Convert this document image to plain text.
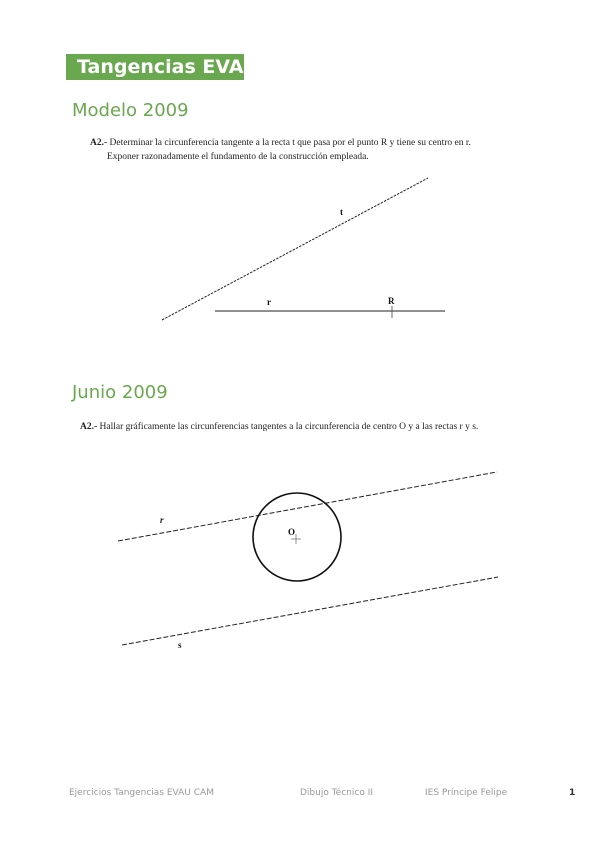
Tangencias EVAU
Modelo 2009
A2.- Determinar la circunferencia tangente a la recta t que pasa por el punto R y tiene su centro en r.
Exponer razonadamente el fundamento de la construcción empleada.
t
r	R
Junio 2009
A2.- Hallar gráficamente las circunferencias tangentes a la circunferencia de centro O y a las rectas r y s.
O
r
s
Ejercicios Tangencias EVAU CAM	Dibujo Técnico II	IES Príncipe Felipe	1
